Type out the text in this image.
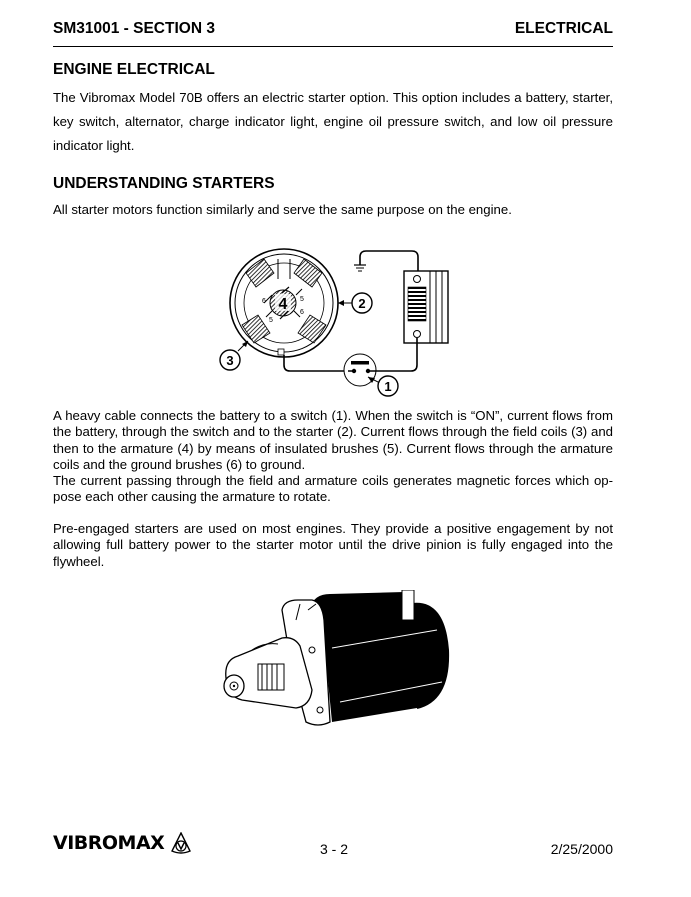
SM31001 - SECTION 3	ELECTRICAL
ENGINE ELECTRICAL

The Vibromax Model 70B offers an electric starter option. This option includes a battery, starter, key switch, alternator, charge indicator light, engine oil pressure switch, and low oil pressure indicator light.

UNDERSTANDING STARTERS

All starter motors function similarly and serve the same purpose on the engine.

4
6	5
6
5
2
3
1

A heavy cable connects the battery to a switch (1). When the switch is “ON”, current flows from the battery, through the switch and to the starter (2). Current flows through the field coils (3) and then to the armature (4) by means of insulated brushes (5). Current flows through the armature coils and the ground brushes (6) to ground.
The current passing through the field and armature coils generates magnetic forces which op-pose each other causing the armature to rotate.

Pre-engaged starters are used on most engines. They provide a positive engagement by not allowing full battery power to the starter motor until the drive pinion is fully engaged into the flywheel.

VIBROMAX	3 - 2	2/25/2000
